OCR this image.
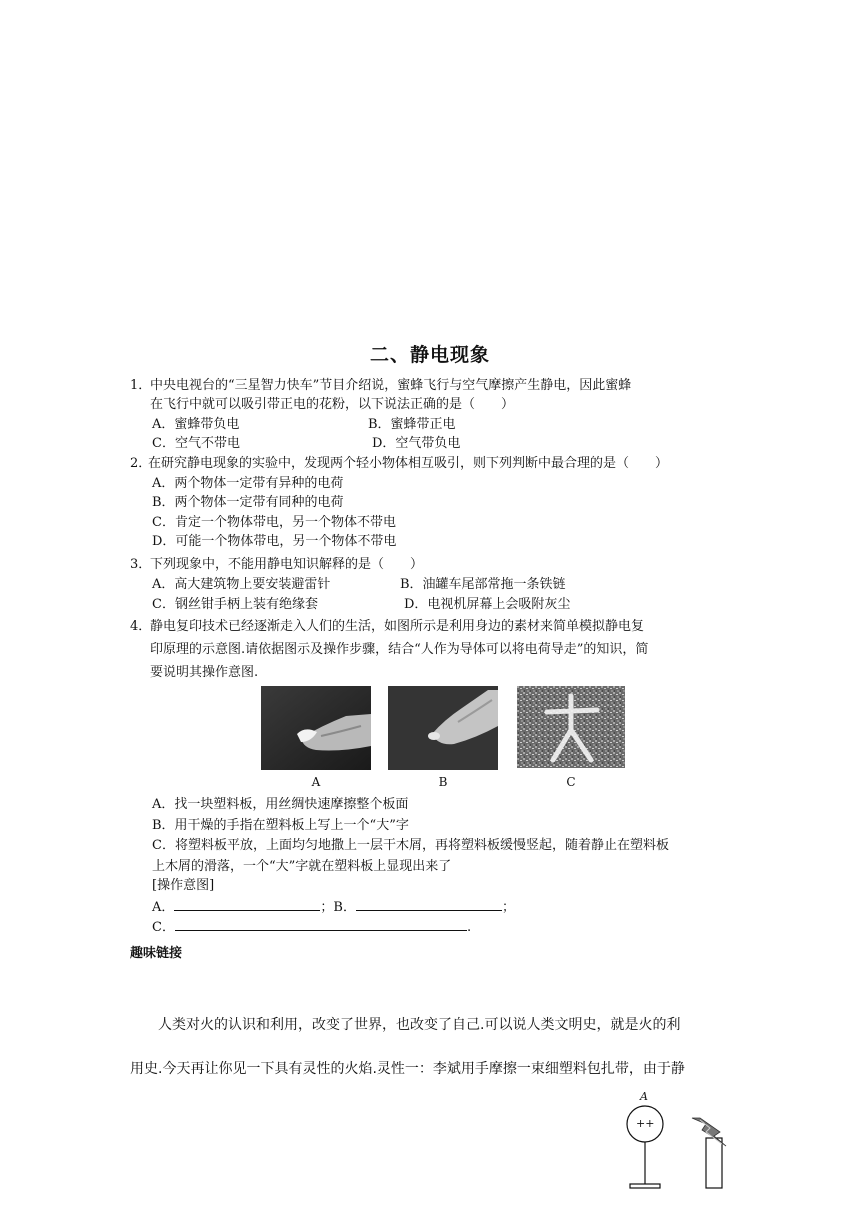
二、静电现象
1．
中央电视台的“三星智力快车”节目介绍说，蜜蜂飞行与空气摩擦产生静电，因此蜜蜂
在飞行中就可以吸引带正电的花粉，以下说法正确的是（　　）
A．蜜蜂带负电	B．蜜蜂带正电
C．空气不带电	D．空气带负电
2．
在研究静电现象的实验中，发现两个轻小物体相互吸引，则下列判断中最合理的是（　　）
A．两个物体一定带有异种的电荷
B．两个物体一定带有同种的电荷
C．肯定一个物体带电，另一个物体不带电
D．可能一个物体带电，另一个物体不带电
3．
下列现象中，不能用静电知识解释的是（　　）
A．高大建筑物上要安装避雷针	B．油罐车尾部常拖一条铁链
C．钢丝钳手柄上装有绝缘套	D．电视机屏幕上会吸附灰尘
4．
静电复印技术已经逐渐走入人们的生活，如图所示是利用身边的素材来简单模拟静电复
印原理的示意图.请依据图示及操作步骤，结合“人作为导体可以将电荷导走”的知识，简
要说明其操作意图.
A	B	C
A．找一块塑料板，用丝绸快速摩擦整个板面
B．用干燥的手指在塑料板上写上一个“大”字
C．将塑料板平放，上面均匀地撒上一层干木屑，再将塑料板缓慢竖起，随着静止在塑料板
上木屑的滑落，一个“大”字就在塑料板上显现出来了
[操作意图]
A．	；B．	；
C．	.
趣味链接
人类对火的认识和利用，改变了世界，也改变了自己.可以说人类文明史，就是火的利
用史.今天再让你见一下具有灵性的火焰.灵性一：李斌用手摩擦一束细塑料包扎带，由于静
A
++
